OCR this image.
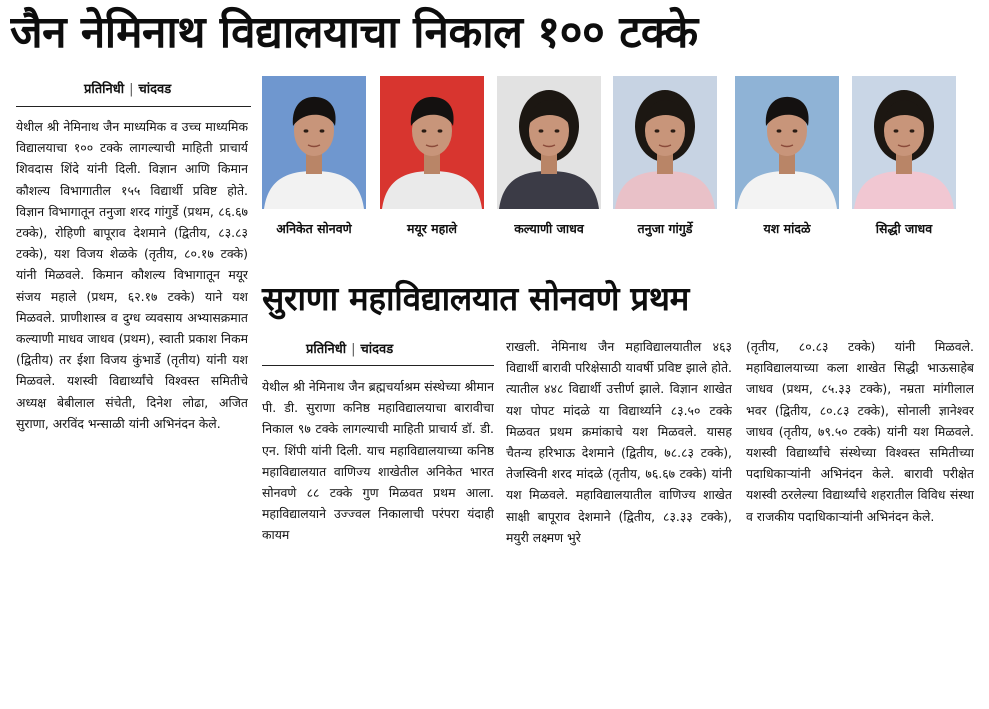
जैन नेमिनाथ विद्यालयाचा निकाल १०० टक्के
प्रतिनिधी | चांदवड
येथील श्री नेमिनाथ जैन माध्यमिक व उच्च माध्यमिक विद्यालयाचा १०० टक्के लागल्याची माहिती प्राचार्य शिवदास शिंदे यांनी दिली. विज्ञान आणि किमान कौशल्य विभागातील १५५ विद्यार्थी प्रविष्ट होते. विज्ञान विभागातून तनुजा शरद गांगुर्डे (प्रथम, ८६.६७ टक्के), रोहिणी बापूराव देशमाने (द्वितीय, ८३.८३ टक्के), यश विजय शेळके (तृतीय, ८०.१७ टक्के) यांनी मिळवले. किमान कौशल्य विभागातून मयूर संजय महाले (प्रथम, ६२.१७ टक्के) याने यश मिळवले. प्राणीशास्त्र व दुग्ध व्यवसाय अभ्यासक्रमात कल्याणी माधव जाधव (प्रथम), स्वाती प्रकाश निकम (द्वितीय) तर ईशा विजय कुंभार्डे (तृतीय) यांनी यश मिळवले. यशस्वी विद्यार्थ्यांचे विश्वस्त समितीचे अध्यक्ष बेबीलाल संचेती, दिनेश लोढा, अजित सुराणा, अरविंद भन्साळी यांनी अभिनंदन केले.
अनिकेत सोनवणे	मयूर महाले	कल्याणी जाधव	तनुजा गांगुर्डे	यश मांदळे	सिद्धी जाधव
सुराणा महाविद्यालयात सोनवणे प्रथम
प्रतिनिधी | चांदवड
येथील श्री नेमिनाथ जैन ब्रह्मचर्याश्रम संस्थेच्या श्रीमान पी. डी. सुराणा कनिष्ठ महाविद्यालयाचा बारावीचा निकाल ९७ टक्के लागल्याची माहिती प्राचार्य डॉ. डी. एन. शिंपी यांनी दिली. याच महाविद्यालयाच्या कनिष्ठ महाविद्यालयात वाणिज्य शाखेतील अनिकेत भारत सोनवणे ८८ टक्के गुण मिळवत प्रथम आला. महाविद्यालयाने उज्ज्वल निकालाची परंपरा यंदाही कायम
राखली. नेमिनाथ जैन महाविद्यालयातील ४६३ विद्यार्थी बारावी परिक्षेसाठी यावर्षी प्रविष्ट झाले होते. त्यातील ४४८ विद्यार्थी उत्तीर्ण झाले. विज्ञान शाखेत यश पोपट मांदळे या विद्यार्थ्याने ८३.५० टक्के मिळवत प्रथम क्रमांकाचे यश मिळवले. यासह चैतन्य हरिभाऊ देशमाने (द्वितीय, ७८.८३ टक्के), तेजस्विनी शरद मांदळे (तृतीय, ७६.६७ टक्के) यांनी यश मिळवले. महाविद्यालयातील वाणिज्य शाखेत साक्षी बापूराव देशमाने (द्वितीय, ८३.३३ टक्के), मयुरी लक्ष्मण भुरे
(तृतीय, ८०.८३ टक्के) यांनी मिळवले. महाविद्यालयाच्या कला शाखेत सिद्धी भाऊसाहेब जाधव (प्रथम, ८५.३३ टक्के), नम्रता मांगीलाल भवर (द्वितीय, ८०.८३ टक्के), सोनाली ज्ञानेश्वर जाधव (तृतीय, ७९.५० टक्के) यांनी यश मिळवले. यशस्वी विद्यार्थ्यांचे संस्थेच्या विश्वस्त समितीच्या पदाधिकाऱ्यांनी अभिनंदन केले. बारावी परीक्षेत यशस्वी ठरलेल्या विद्यार्थ्यांचे शहरातील विविध संस्था व राजकीय पदाधिकाऱ्यांनी अभिनंदन केले.
